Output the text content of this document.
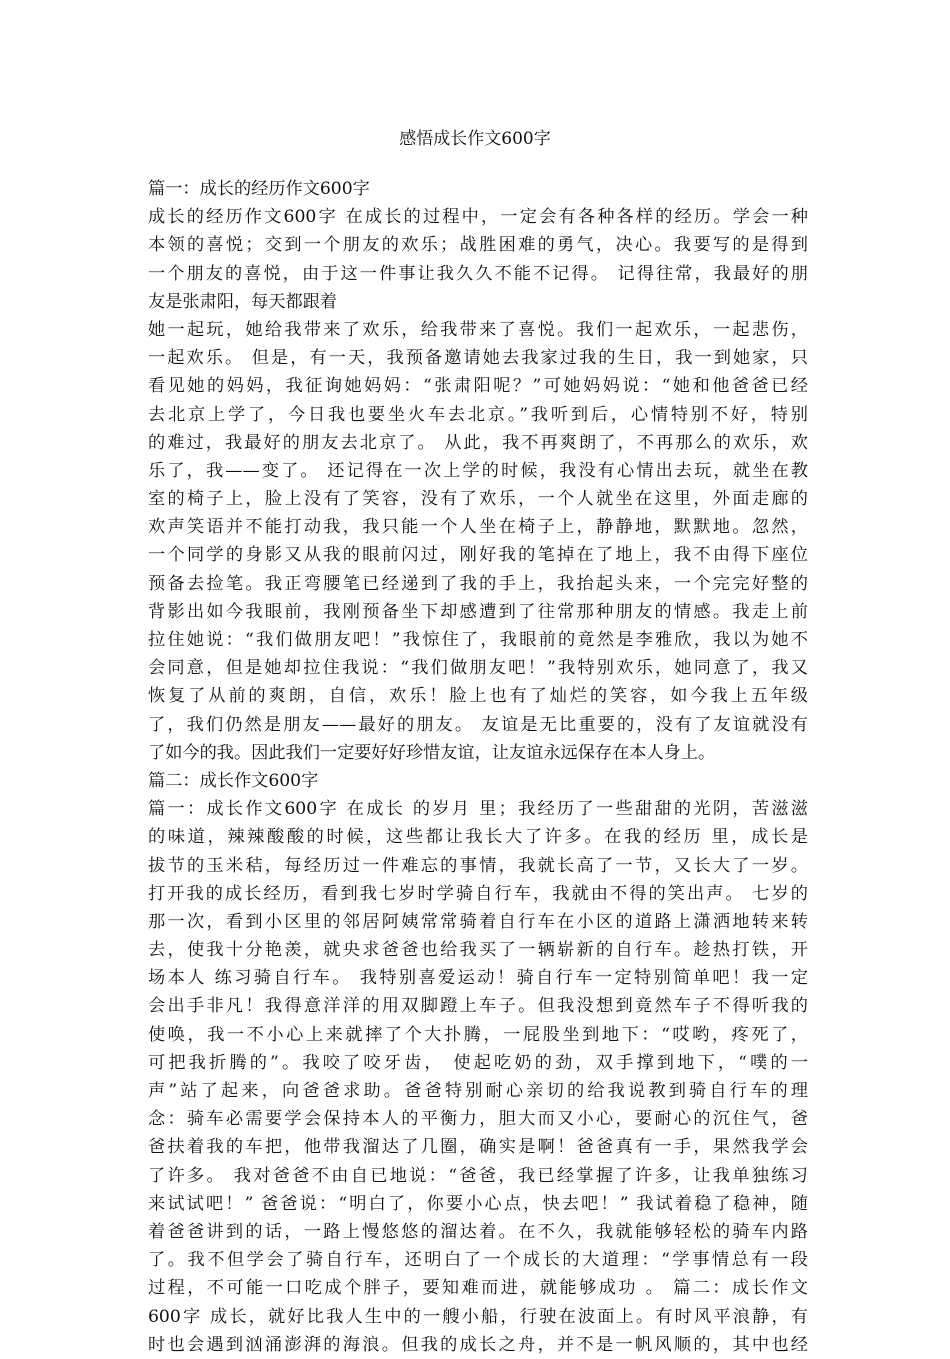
感悟成长作文600字
篇一：成长的经历作文600字
成长的经历作文600字 在成长的过程中，一定会有各种各样的经历。学会一种
本领的喜悦；交到一个朋友的欢乐；战胜困难的勇气，决心。我要写的是得到
一个朋友的喜悦，由于这一件事让我久久不能不记得。 记得往常，我最好的朋
友是张肃阳，每天都跟着
她一起玩，她给我带来了欢乐，给我带来了喜悦。我们一起欢乐，一起悲伤，
一起欢乐。 但是，有一天，我预备邀请她去我家过我的生日，我一到她家，只
看见她的妈妈，我征询她妈妈：“张肃阳呢？”可她妈妈说：“她和他爸爸已经
去北京上学了，今日我也要坐火车去北京。”我听到后，心情特别不好，特别
的难过，我最好的朋友去北京了。 从此，我不再爽朗了，不再那么的欢乐，欢
乐了，我——变了。 还记得在一次上学的时候，我没有心情出去玩，就坐在教
室的椅子上，脸上没有了笑容，没有了欢乐，一个人就坐在这里，外面走廊的
欢声笑语并不能打动我，我只能一个人坐在椅子上，静静地，默默地。忽然，
一个同学的身影又从我的眼前闪过，刚好我的笔掉在了地上，我不由得下座位
预备去捡笔。我正弯腰笔已经递到了我的手上，我抬起头来，一个完完好整的
背影出如今我眼前，我刚预备坐下却感遭到了往常那种朋友的情感。我走上前
拉住她说：“我们做朋友吧！”我惊住了，我眼前的竟然是李雅欣，我以为她不
会同意，但是她却拉住我说：“我们做朋友吧！”我特别欢乐，她同意了，我又
恢复了从前的爽朗，自信，欢乐！脸上也有了灿烂的笑容，如今我上五年级
了，我们仍然是朋友——最好的朋友。 友谊是无比重要的，没有了友谊就没有
了如今的我。因此我们一定要好好珍惜友谊，让友谊永远保存在本人身上。
篇二：成长作文600字
篇一：成长作文600字 在成长 的岁月 里；我经历了一些甜甜的光阴，苦滋滋
的味道，辣辣酸酸的时候，这些都让我长大了许多。在我的经历 里，成长是
拔节的玉米秸，每经历过一件难忘的事情，我就长高了一节，又长大了一岁。
打开我的成长经历，看到我七岁时学骑自行车，我就由不得的笑出声。 七岁的
那一次，看到小区里的邻居阿姨常常骑着自行车在小区的道路上潇洒地转来转
去，使我十分艳羡，就央求爸爸也给我买了一辆崭新的自行车。趁热打铁，开
场本人 练习骑自行车。 我特别喜爱运动！骑自行车一定特别简单吧！我一定
会出手非凡！我得意洋洋的用双脚蹬上车子。但我没想到竟然车子不得听我的
使唤，我一不小心上来就摔了个大扑腾，一屁股坐到地下：“哎哟，疼死了，
可把我折腾的”。我咬了咬牙齿， 使起吃奶的劲，双手撑到地下，“噗的一
声”站了起来，向爸爸求助。爸爸特别耐心亲切的给我说教到骑自行车的理
念：骑车必需要学会保持本人的平衡力，胆大而又小心，要耐心的沉住气，爸
爸扶着我的车把，他带我溜达了几圈，确实是啊！爸爸真有一手，果然我学会
了许多。 我对爸爸不由自已地说：“爸爸，我已经掌握了许多，让我单独练习
来试试吧！” 爸爸说：“明白了，你要小心点，快去吧！” 我试着稳了稳神，随
着爸爸讲到的话，一路上慢悠悠的溜达着。在不久，我就能够轻松的骑车内路
了。我不但学会了骑自行车，还明白了一个成长的大道理：“学事情总有一段
过程，不可能一口吃成个胖子，要知难而进，就能够成功 。 篇二：成长作文
600字 成长，就好比我人生中的一艘小船，行驶在波面上。有时风平浪静，有
时也会遇到汹涌澎湃的海浪。但我的成长之舟，并不是一帆风顺的，其中也经
